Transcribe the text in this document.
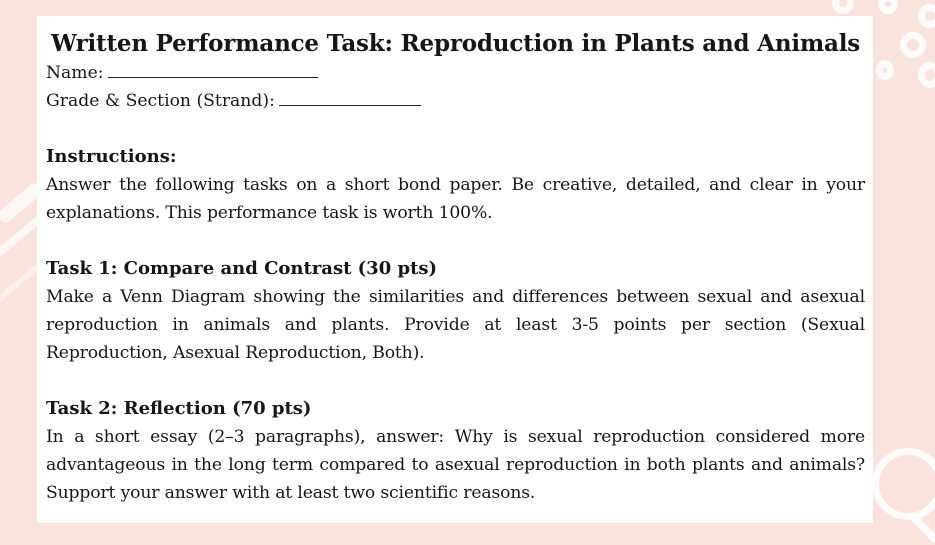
Written Performance Task: Reproduction in Plants and Animals

Name:

Grade & Section (Strand):

Instructions:

Answer the following tasks on a short bond paper. Be creative, detailed, and clear in your explanations. This performance task is worth 100%.

Task 1: Compare and Contrast (30 pts)

Make a Venn Diagram showing the similarities and differences between sexual and asexual reproduction in animals and plants. Provide at least 3-5 points per section (Sexual Reproduction, Asexual Reproduction, Both).

Task 2: Reflection (70 pts)

In a short essay (2–3 paragraphs), answer: Why is sexual reproduction considered more advantageous in the long term compared to asexual reproduction in both plants and animals? Support your answer with at least two scientific reasons.
